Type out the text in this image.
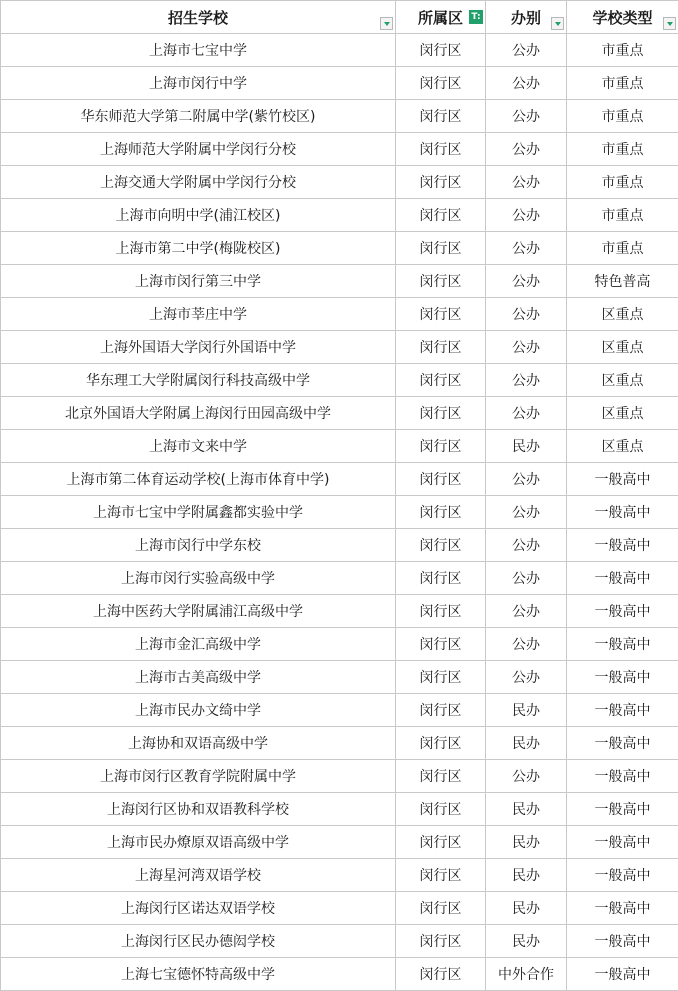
招生学校	所属区 T:	办别	学校类型

上海市七宝中学	闵行区	公办	市重点
上海市闵行中学	闵行区	公办	市重点
华东师范大学第二附属中学(紫竹校区)	闵行区	公办	市重点
上海师范大学附属中学闵行分校	闵行区	公办	市重点
上海交通大学附属中学闵行分校	闵行区	公办	市重点
上海市向明中学(浦江校区)	闵行区	公办	市重点
上海市第二中学(梅陇校区)	闵行区	公办	市重点
上海市闵行第三中学	闵行区	公办	特色普高
上海市莘庄中学	闵行区	公办	区重点
上海外国语大学闵行外国语中学	闵行区	公办	区重点
华东理工大学附属闵行科技高级中学	闵行区	公办	区重点
北京外国语大学附属上海闵行田园高级中学	闵行区	公办	区重点
上海市文来中学	闵行区	民办	区重点
上海市第二体育运动学校(上海市体育中学)	闵行区	公办	一般高中
上海市七宝中学附属鑫都实验中学	闵行区	公办	一般高中
上海市闵行中学东校	闵行区	公办	一般高中
上海市闵行实验高级中学	闵行区	公办	一般高中
上海中医药大学附属浦江高级中学	闵行区	公办	一般高中
上海市金汇高级中学	闵行区	公办	一般高中
上海市古美高级中学	闵行区	公办	一般高中
上海市民办文绮中学	闵行区	民办	一般高中
上海协和双语高级中学	闵行区	民办	一般高中
上海市闵行区教育学院附属中学	闵行区	公办	一般高中
上海闵行区协和双语教科学校	闵行区	民办	一般高中
上海市民办燎原双语高级中学	闵行区	民办	一般高中
上海星河湾双语学校	闵行区	民办	一般高中
上海闵行区诺达双语学校	闵行区	民办	一般高中
上海闵行区民办德闳学校	闵行区	民办	一般高中
上海七宝德怀特高级中学	闵行区	中外合作	一般高中
